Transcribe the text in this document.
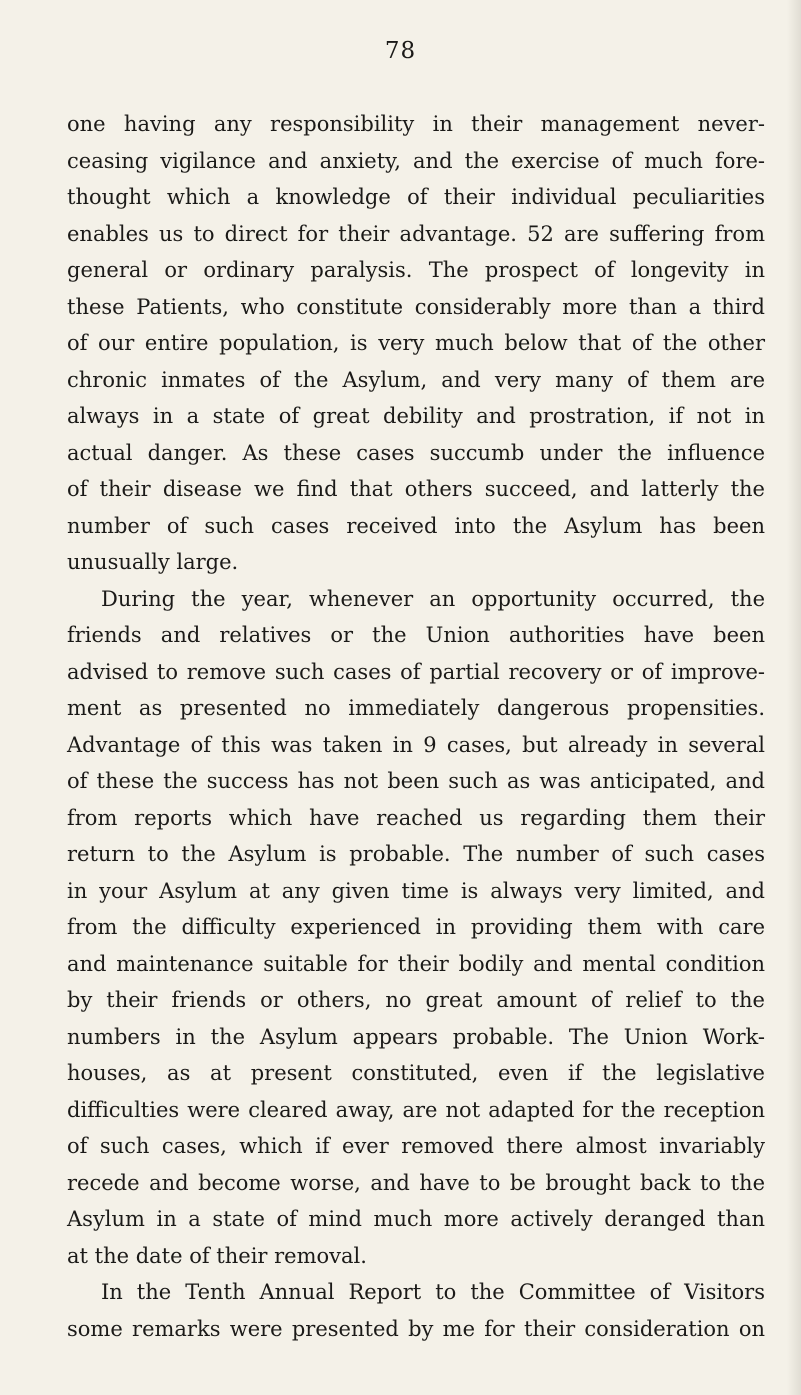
78
one having any responsibility in their management never-
ceasing vigilance and anxiety, and the exercise of much fore-
thought which a knowledge of their individual peculiarities
enables us to direct for their advantage. 52 are suffering from
general or ordinary paralysis. The prospect of longevity in
these Patients, who constitute considerably more than a third
of our entire population, is very much below that of the other
chronic inmates of the Asylum, and very many of them are
always in a state of great debility and prostration, if not in
actual danger. As these cases succumb under the influence
of their disease we find that others succeed, and latterly the
number of such cases received into the Asylum has been
unusually large.
During the year, whenever an opportunity occurred, the
friends and relatives or the Union authorities have been
advised to remove such cases of partial recovery or of improve-
ment as presented no immediately dangerous propensities.
Advantage of this was taken in 9 cases, but already in several
of these the success has not been such as was anticipated, and
from reports which have reached us regarding them their
return to the Asylum is probable. The number of such cases
in your Asylum at any given time is always very limited, and
from the difficulty experienced in providing them with care
and maintenance suitable for their bodily and mental condition
by their friends or others, no great amount of relief to the
numbers in the Asylum appears probable. The Union Work-
houses, as at present constituted, even if the legislative
difficulties were cleared away, are not adapted for the reception
of such cases, which if ever removed there almost invariably
recede and become worse, and have to be brought back to the
Asylum in a state of mind much more actively deranged than
at the date of their removal.
In the Tenth Annual Report to the Committee of Visitors
some remarks were presented by me for their consideration on
